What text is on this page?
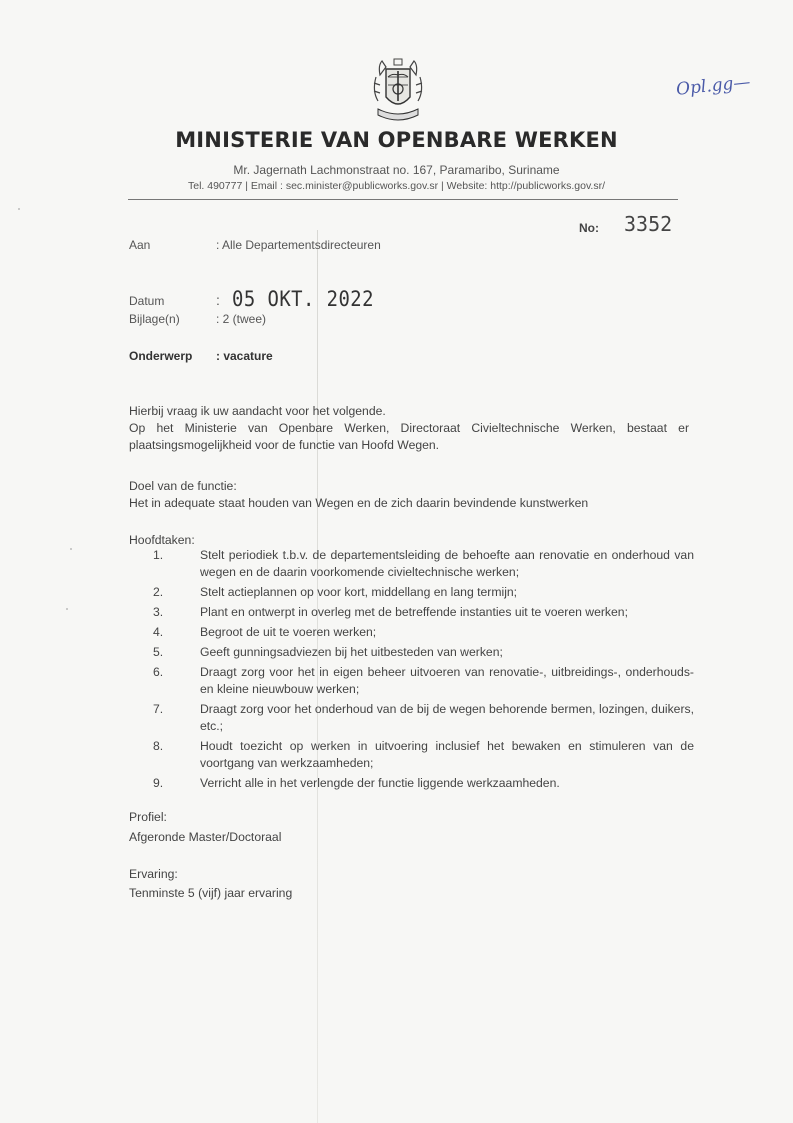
Opl.gg—
MINISTERIE VAN OPENBARE WERKEN
Mr. Jagernath Lachmonstraat no. 167, Paramaribo, Suriname
Tel. 490777 | Email : sec.minister@publicworks.gov.sr | Website: http://publicworks.gov.sr/
No: 3352
Aan	: Alle Departementsdirecteuren
Datum	: 05 OKT. 2022
Bijlage(n)	: 2 (twee)
Onderwerp : vacature
Hierbij vraag ik uw aandacht voor het volgende.
Op het Ministerie van Openbare Werken, Directoraat Civieltechnische Werken, bestaat er plaatsingsmogelijkheid voor de functie van Hoofd Wegen.
Doel van de functie:
Het in adequate staat houden van Wegen en de zich daarin bevindende kunstwerken
Hoofdtaken:
1.	Stelt periodiek t.b.v. de departementsleiding de behoefte aan renovatie en onderhoud van wegen en de daarin voorkomende civieltechnische werken;
2.	Stelt actieplannen op voor kort, middellang en lang termijn;
3.	Plant en ontwerpt in overleg met de betreffende instanties uit te voeren werken;
4.	Begroot de uit te voeren werken;
5.	Geeft gunningsadviezen bij het uitbesteden van werken;
6.	Draagt zorg voor het in eigen beheer uitvoeren van renovatie-, uitbreidings-, onderhouds- en kleine nieuwbouw werken;
7.	Draagt zorg voor het onderhoud van de bij de wegen behorende bermen, lozingen, duikers, etc.;
8.	Houdt toezicht op werken in uitvoering inclusief het bewaken en stimuleren van de voortgang van werkzaamheden;
9.	Verricht alle in het verlengde der functie liggende werkzaamheden.
Profiel:
Afgeronde Master/Doctoraal
Ervaring:
Tenminste 5 (vijf) jaar ervaring
